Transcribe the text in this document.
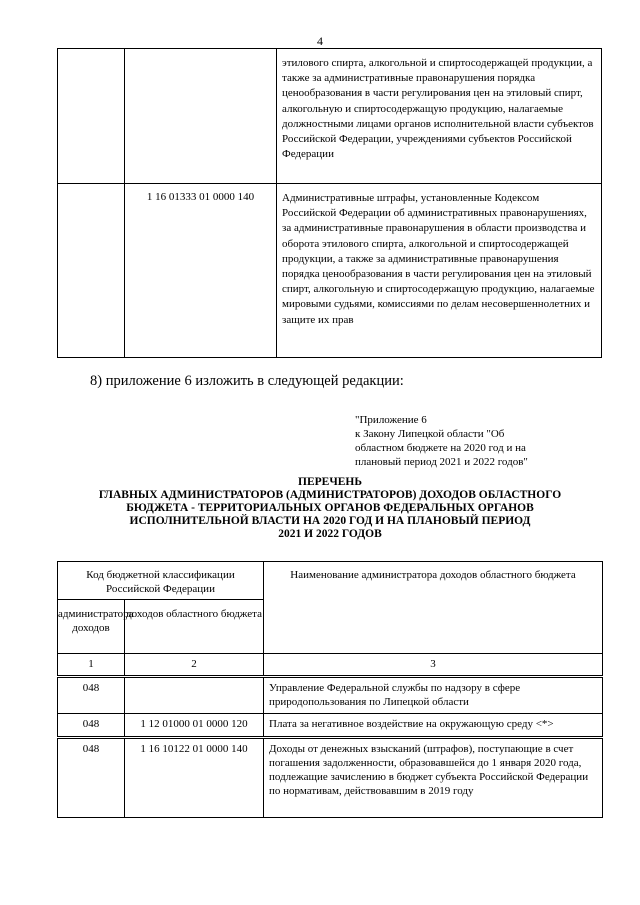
4
		этилового спирта, алкогольной и спиртосодержащей продукции, а также за административные правонарушения порядка ценообразования в части регулирования цен на этиловый спирт, алкогольную и спиртосодержащую продукцию, налагаемые должностными лицами органов исполнительной власти субъектов Российской Федерации, учреждениями субъектов Российской Федерации
	1 16 01333 01 0000 140	Административные штрафы, установленные Кодексом Российской Федерации об административных правонарушениях, за административные правонарушения в области производства и оборота этилового спирта, алкогольной и спиртосодержащей продукции, а также за административные правонарушения порядка ценообразования в части регулирования цен на этиловый спирт, алкогольную и спиртосодержащую продукцию, налагаемые мировыми судьями, комиссиями по делам несовершеннолетних и защите их прав
8) приложение 6 изложить в следующей редакции:
"Приложение 6
к Закону Липецкой области "Об
областном бюджете на 2020 год и на
плановый период 2021 и 2022 годов"
ПЕРЕЧЕНЬ
ГЛАВНЫХ АДМИНИСТРАТОРОВ (АДМИНИСТРАТОРОВ) ДОХОДОВ ОБЛАСТНОГО
БЮДЖЕТА - ТЕРРИТОРИАЛЬНЫХ ОРГАНОВ ФЕДЕРАЛЬНЫХ ОРГАНОВ
ИСПОЛНИТЕЛЬНОЙ ВЛАСТИ НА 2020 ГОД И НА ПЛАНОВЫЙ ПЕРИОД
2021 И 2022 ГОДОВ
Код бюджетной классификации Российской Федерации		Наименование администратора доходов областного бюджета
администратора доходов	доходов областного бюджета	
1	2	3
048		Управление Федеральной службы по надзору в сфере природопользования по Липецкой области
048	1 12 01000 01 0000 120	Плата за негативное воздействие на окружающую среду <*>
048	1 16 10122 01 0000 140	Доходы от денежных взысканий (штрафов), поступающие в счет погашения задолженности, образовавшейся до 1 января 2020 года, подлежащие зачислению в бюджет субъекта Российской Федерации по нормативам, действовавшим в 2019 году
